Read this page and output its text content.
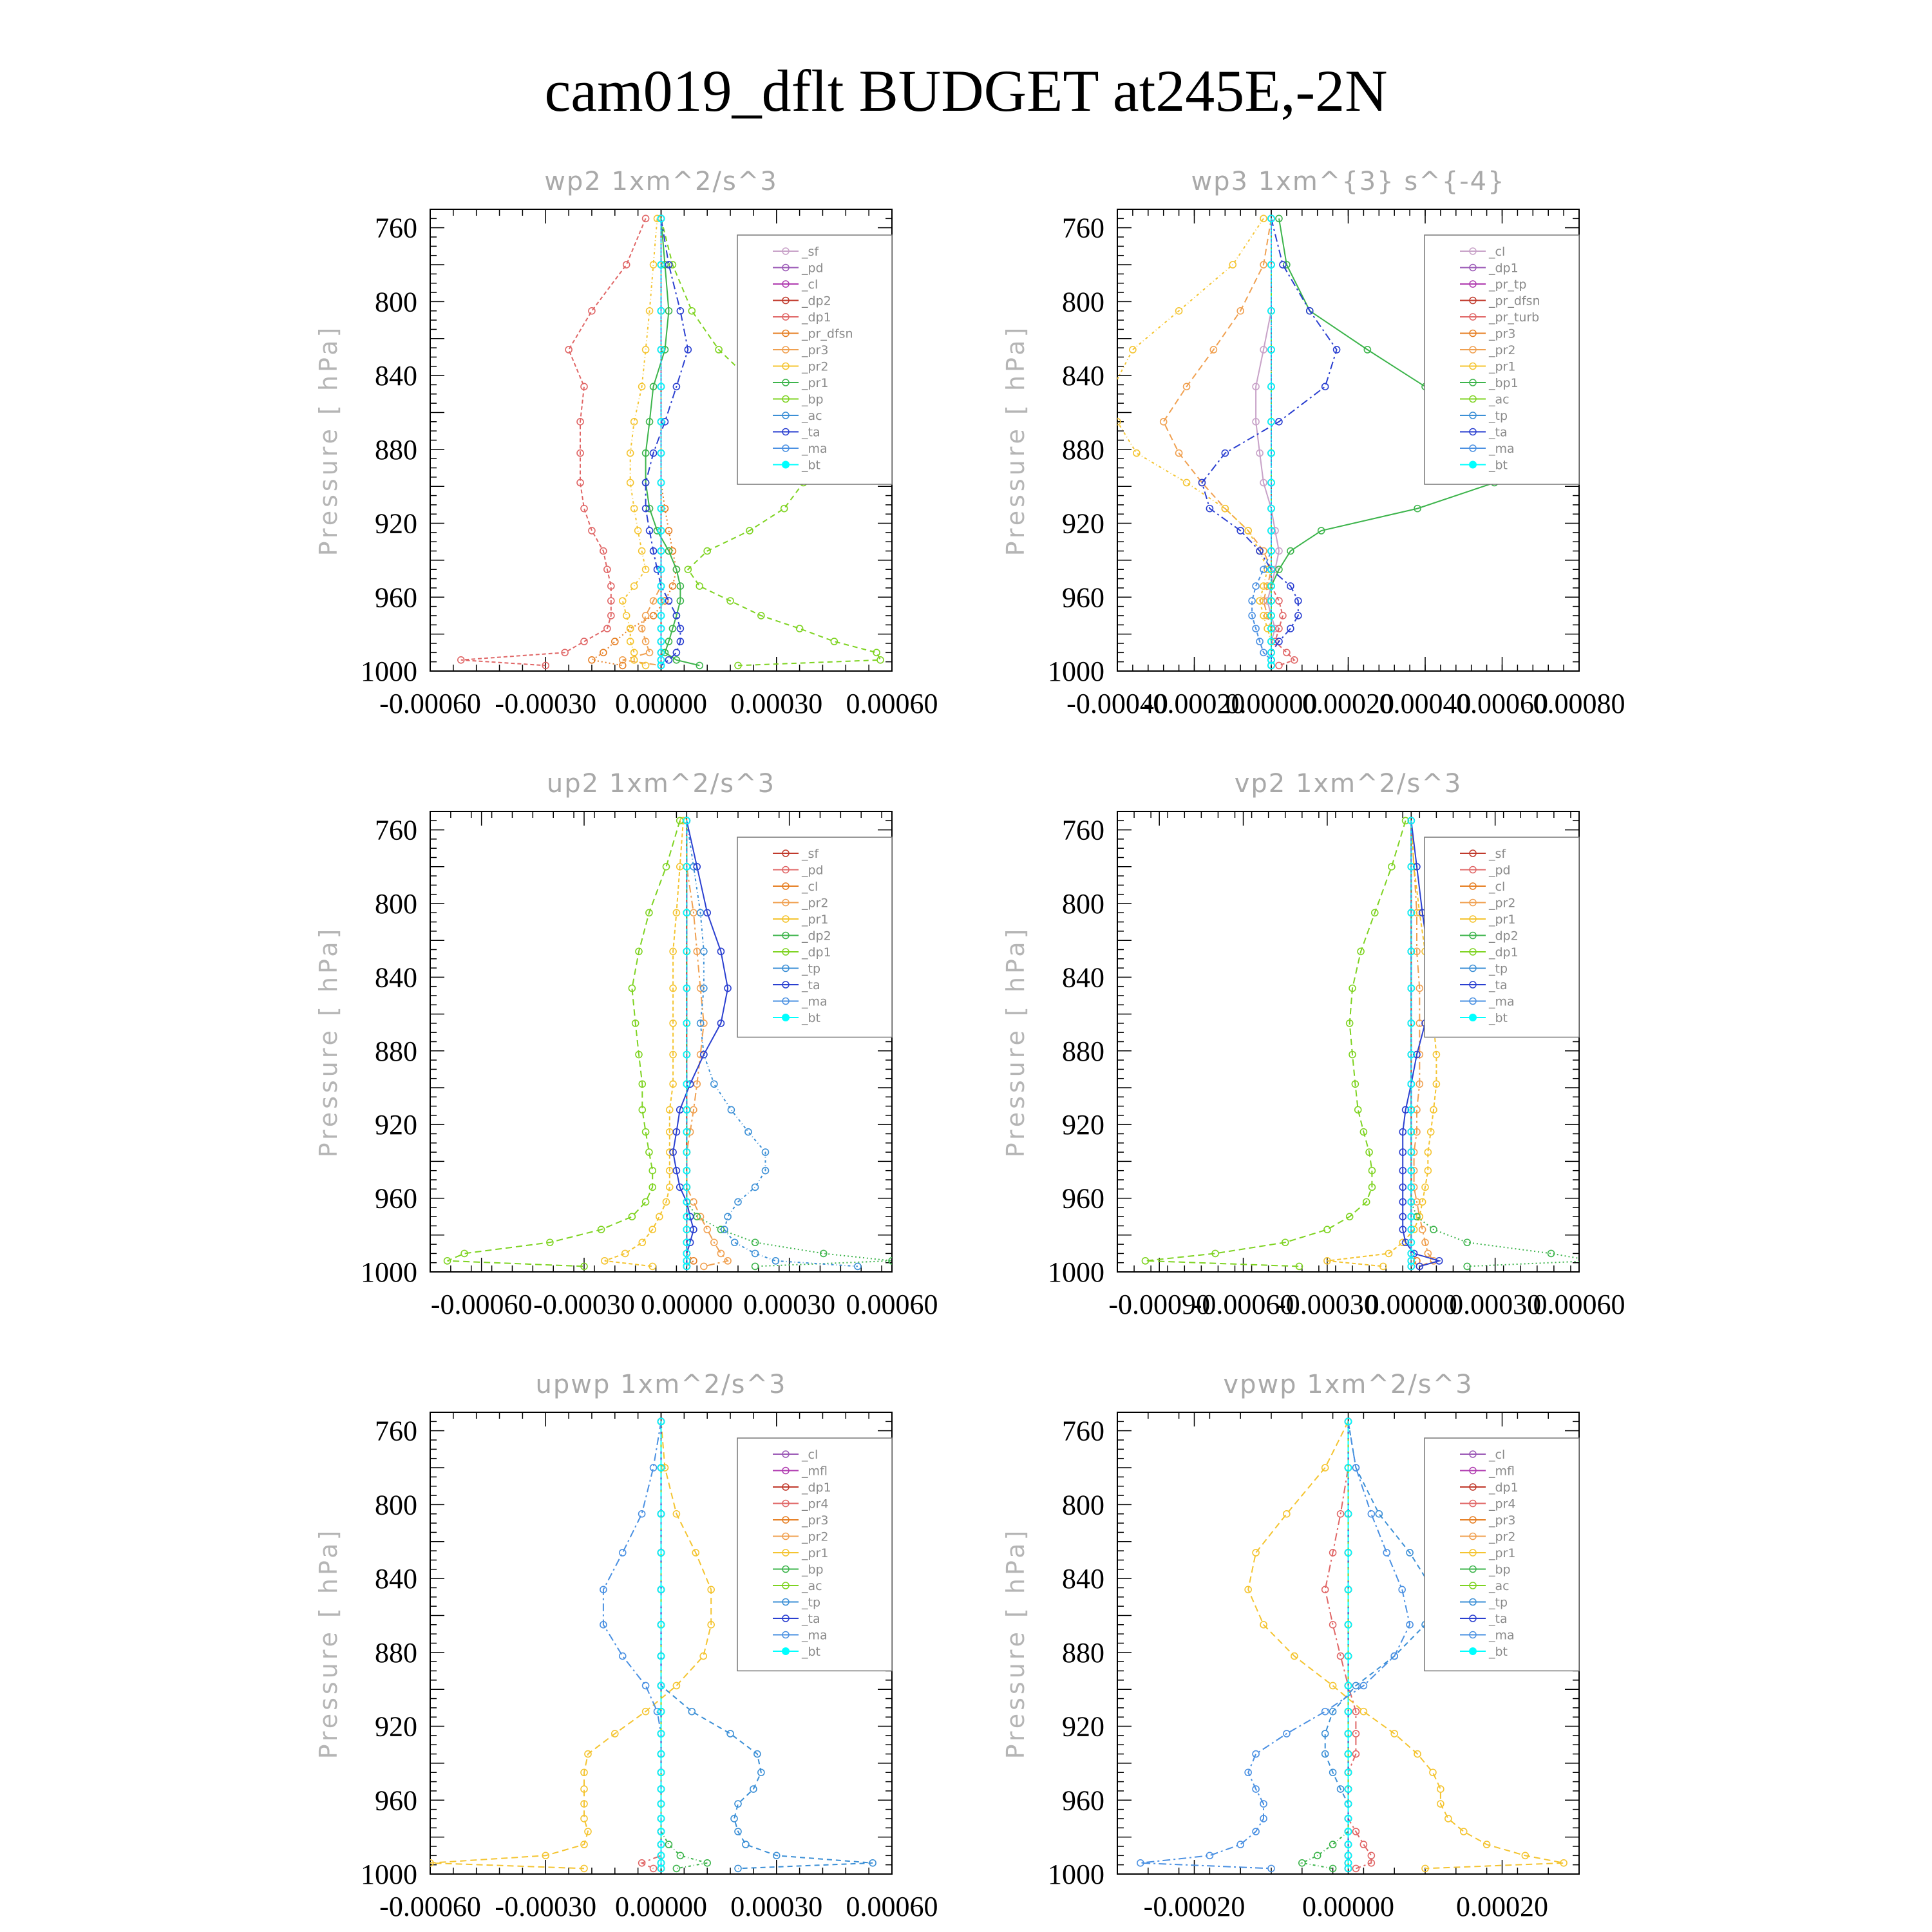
cam019_dflt BUDGET at245E,-2N
wp2 1xm^2/s^3
Pressure [ hPa]
760
800
840
880
920
960
1000
-0.00060 -0.00030 0.00000 0.00030 0.00060
_sf
_pd
_cl
_dp2
_dp1
_pr_dfsn
_pr3
_pr2
_pr1
_bp
_ac
_ta
_ma
_bt
wp3 1xm^{3} s^{-4}
Pressure [ hPa]
760
800
840
880
920
960
1000
-0.00040
-0.00020
0.00000
0.00020
0.00040
0.00060
0.00080
_cl
_dp1
_pr_tp
_pr_dfsn
_pr_turb
_pr3
_pr2
_pr1
_bp1
_ac
_tp
_ta
_ma
_bt
up2 1xm^2/s^3
Pressure [ hPa]
760
800
840
880
920
960
1000
-0.00060 -0.00030 0.00000 0.00030 0.00060
_sf
_pd
_cl
_pr2
_pr1
_dp2
_dp1
_tp
_ta
_ma
_bt
vp2 1xm^2/s^3
Pressure [ hPa]
760
800
840
880
920
960
1000
-0.00090
-0.00060
-0.00030
0.00000
0.00030
0.00060
_sf
_pd
_cl
_pr2
_pr1
_dp2
_dp1
_tp
_ta
_ma
_bt
upwp 1xm^2/s^3
Pressure [ hPa]
760
800
840
880
920
960
1000
-0.00060 -0.00030 0.00000 0.00030 0.00060
_cl
_mfl
_dp1
_pr4
_pr3
_pr2
_pr1
_bp
_ac
_tp
_ta
_ma
_bt
vpwp 1xm^2/s^3
Pressure [ hPa]
760
800
840
880
920
960
1000
-0.00020 0.00000 0.00020
_cl
_mfl
_dp1
_pr4
_pr3
_pr2
_pr1
_bp
_ac
_tp
_ta
_ma
_bt
